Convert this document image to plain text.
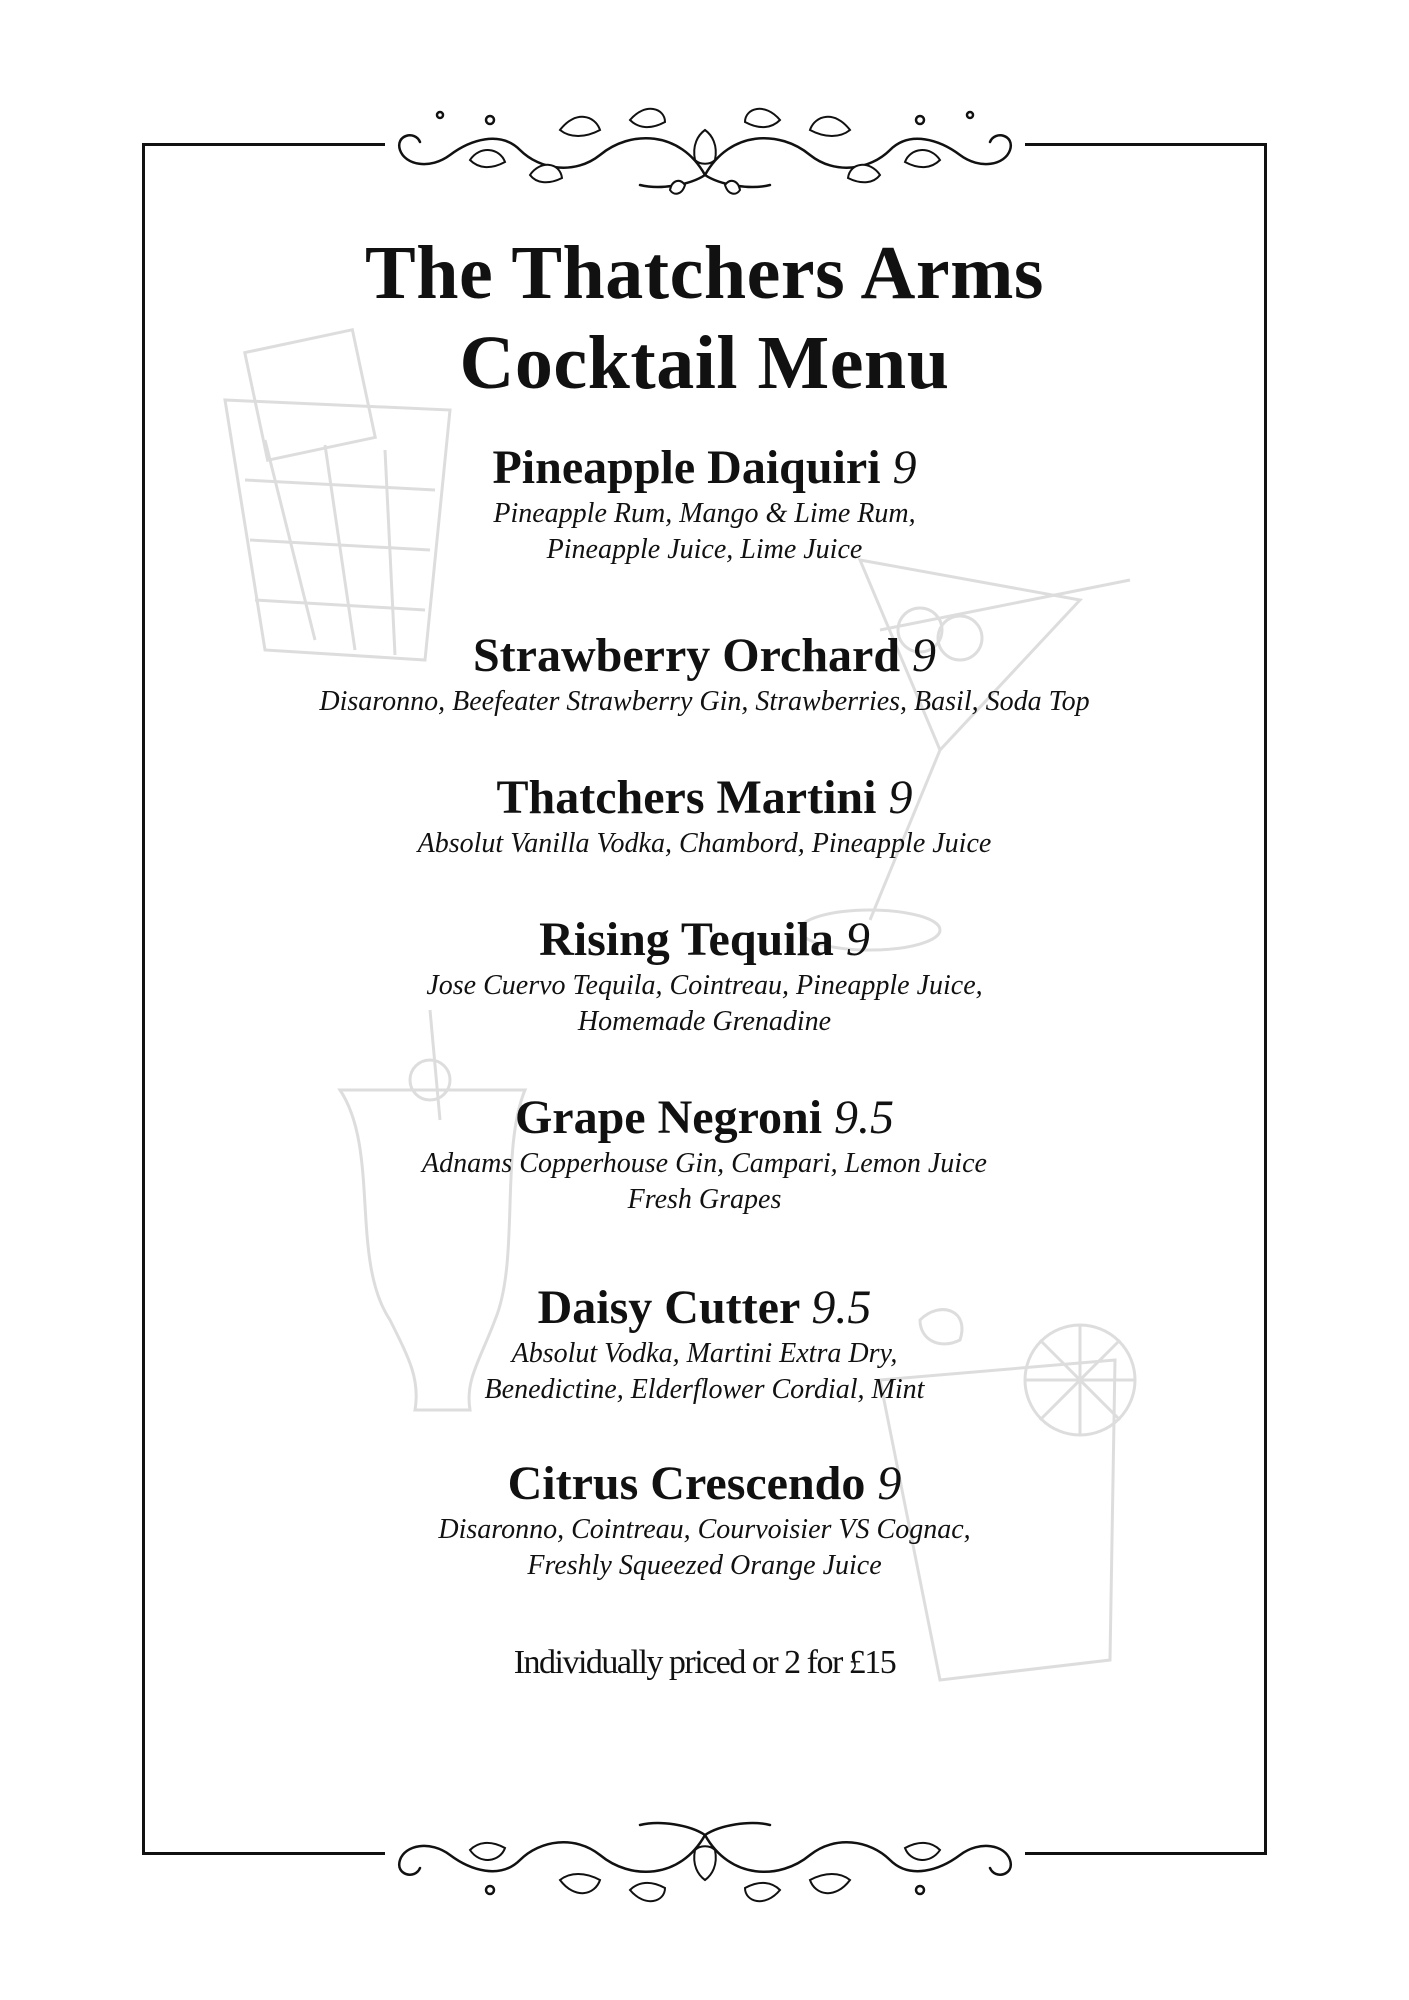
The Thatchers Arms
Cocktail Menu
Pineapple Daiquiri 9
Pineapple Rum, Mango & Lime Rum,
Pineapple Juice, Lime Juice
Strawberry Orchard 9
Disaronno, Beefeater Strawberry Gin, Strawberries, Basil, Soda Top
Thatchers Martini 9
Absolut Vanilla Vodka, Chambord, Pineapple Juice
Rising Tequila 9
Jose Cuervo Tequila, Cointreau, Pineapple Juice,
Homemade Grenadine
Grape Negroni 9.5
Adnams Copperhouse Gin, Campari, Lemon Juice
Fresh Grapes
Daisy Cutter 9.5
Absolut Vodka, Martini Extra Dry,
Benedictine, Elderflower Cordial, Mint
Citrus Crescendo 9
Disaronno, Cointreau, Courvoisier VS Cognac,
Freshly Squeezed Orange Juice
Individually priced or 2 for £15
